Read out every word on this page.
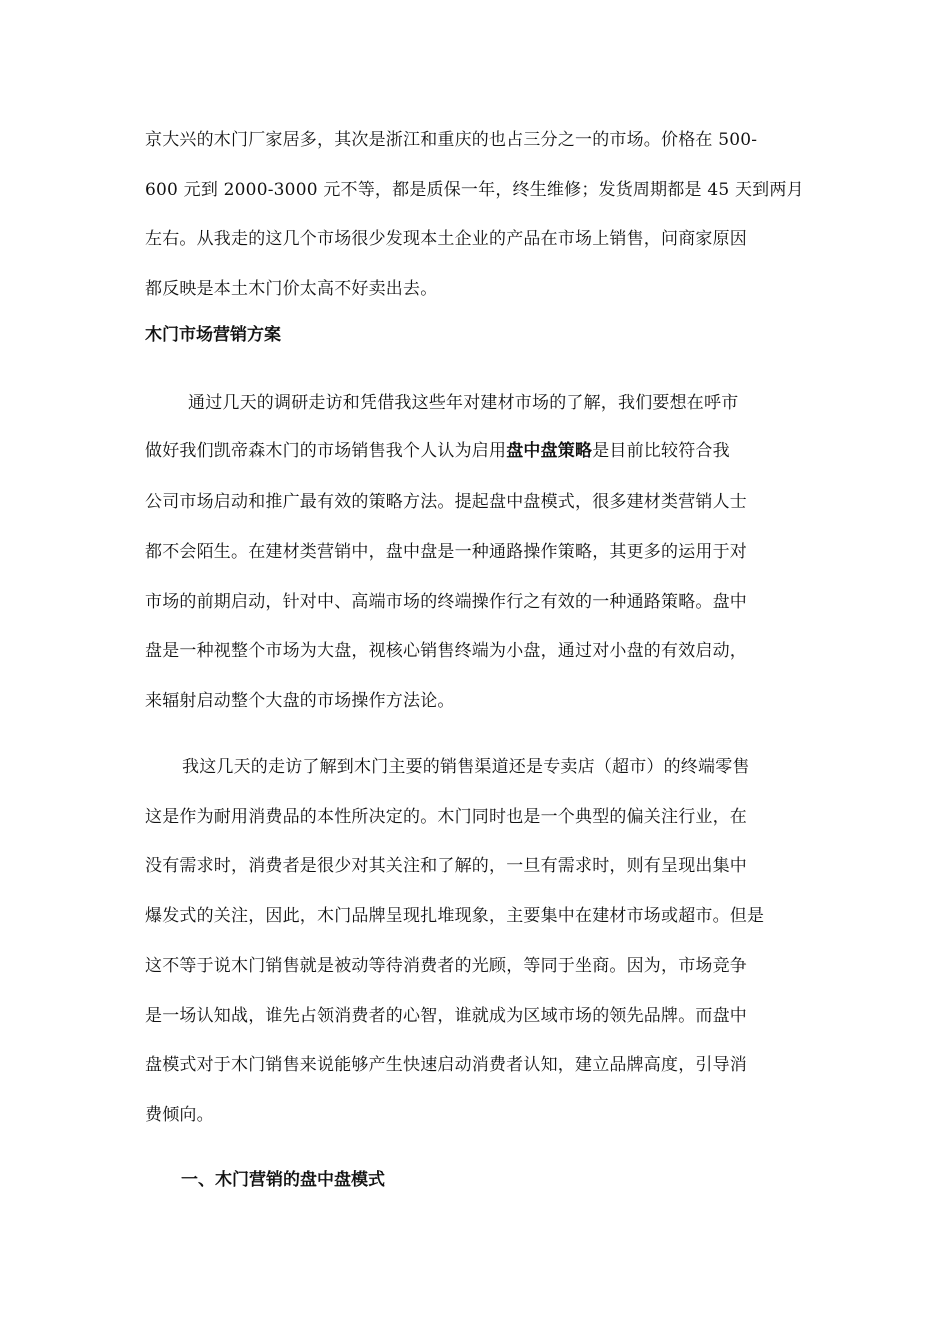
京大兴的木门厂家居多，其次是浙江和重庆的也占三分之一的市场。价格在 500-
600 元到 2000-3000 元不等，都是质保一年，终生维修；发货周期都是 45 天到两月
左右。从我走的这几个市场很少发现本土企业的产品在市场上销售，问商家原因
都反映是本土木门价太高不好卖出去。
木门市场营销方案
通过几天的调研走访和凭借我这些年对建材市场的了解，我们要想在呼市
做好我们凯帝森木门的市场销售我个人认为启用盘中盘策略是目前比较符合我
公司市场启动和推广最有效的策略方法。提起盘中盘模式，很多建材类营销人士
都不会陌生。在建材类营销中，盘中盘是一种通路操作策略，其更多的运用于对
市场的前期启动，针对中、高端市场的终端操作行之有效的一种通路策略。盘中
盘是一种视整个市场为大盘，视核心销售终端为小盘，通过对小盘的有效启动，
来辐射启动整个大盘的市场操作方法论。
我这几天的走访了解到木门主要的销售渠道还是专卖店（超市）的终端零售
这是作为耐用消费品的本性所决定的。木门同时也是一个典型的偏关注行业，在
没有需求时，消费者是很少对其关注和了解的，一旦有需求时，则有呈现出集中
爆发式的关注，因此，木门品牌呈现扎堆现象，主要集中在建材市场或超市。但是
这不等于说木门销售就是被动等待消费者的光顾，等同于坐商。因为，市场竞争
是一场认知战，谁先占领消费者的心智，谁就成为区域市场的领先品牌。而盘中
盘模式对于木门销售来说能够产生快速启动消费者认知，建立品牌高度，引导消
费倾向。
一、木门营销的盘中盘模式
